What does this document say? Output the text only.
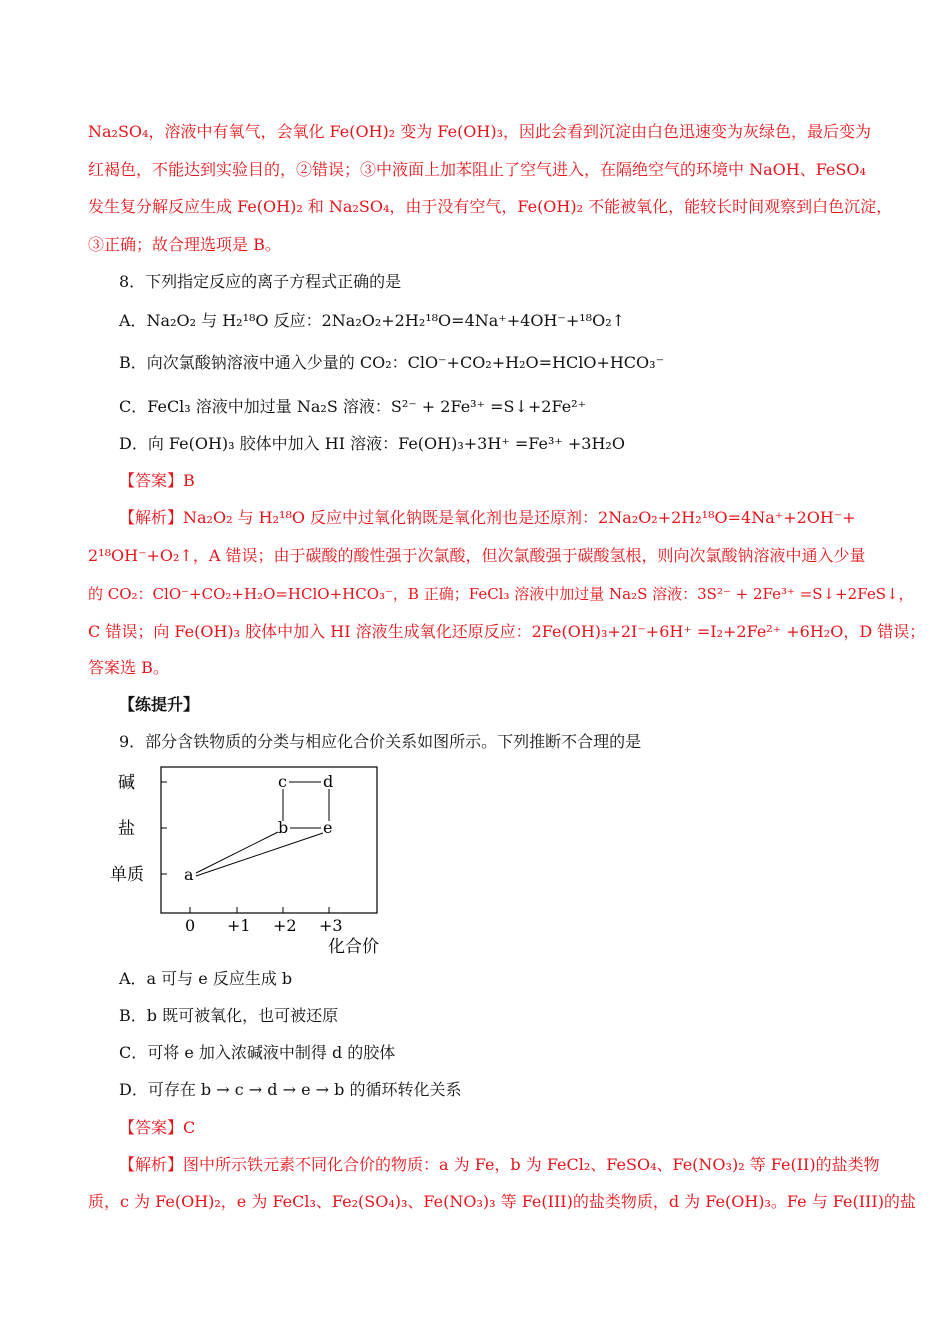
Na₂SO₄，溶液中有氧气，会氧化 Fe(OH)₂ 变为 Fe(OH)₃，因此会看到沉淀由白色迅速变为灰绿色，最后变为
红褐色，不能达到实验目的，②错误；③中液面上加苯阻止了空气进入，在隔绝空气的环境中 NaOH、FeSO₄
发生复分解反应生成 Fe(OH)₂ 和 Na₂SO₄，由于没有空气，Fe(OH)₂ 不能被氧化，能较长时间观察到白色沉淀，
③正确；故合理选项是 B。
8．下列指定反应的离子方程式正确的是
A．Na₂O₂ 与 H₂¹⁸O 反应：2Na₂O₂+2H₂¹⁸O=4Na⁺+4OH⁻+¹⁸O₂↑
B．向次氯酸钠溶液中通入少量的 CO₂：ClO⁻+CO₂+H₂O=HClO+HCO₃⁻
C．FeCl₃ 溶液中加过量 Na₂S 溶液：S²⁻ + 2Fe³⁺ =S↓+2Fe²⁺
D．向 Fe(OH)₃ 胶体中加入 HI 溶液：Fe(OH)₃+3H⁺ =Fe³⁺ +3H₂O
【答案】B
【解析】Na₂O₂ 与 H₂¹⁸O 反应中过氧化钠既是氧化剂也是还原剂：2Na₂O₂+2H₂¹⁸O=4Na⁺+2OH⁻+
2¹⁸OH⁻+O₂↑，A 错误；由于碳酸的酸性强于次氯酸，但次氯酸强于碳酸氢根，则向次氯酸钠溶液中通入少量
的 CO₂：ClO⁻+CO₂+H₂O=HClO+HCO₃⁻，B 正确；FeCl₃ 溶液中加过量 Na₂S 溶液：3S²⁻ + 2Fe³⁺ =S↓+2FeS↓，
C 错误；向 Fe(OH)₃ 胶体中加入 HI 溶液生成氧化还原反应：2Fe(OH)₃+2I⁻+6H⁺ =I₂+2Fe²⁺ +6H₂O，D 错误；
答案选 B。
【练提升】
9．部分含铁物质的分类与相应化合价关系如图所示。下列推断不合理的是
碱
盐
单质
0 +1 +2 +3
化合价
a
b
c d
e
A．a 可与 e 反应生成 b
B．b 既可被氧化，也可被还原
C．可将 e 加入浓碱液中制得 d 的胶体
D．可存在 b → c → d → e → b 的循环转化关系
【答案】C
【解析】图中所示铁元素不同化合价的物质：a 为 Fe，b 为 FeCl₂、FeSO₄、Fe(NO₃)₂ 等 Fe(II)的盐类物
质，c 为 Fe(OH)₂，e 为 FeCl₃、Fe₂(SO₄)₃、Fe(NO₃)₃ 等 Fe(III)的盐类物质，d 为 Fe(OH)₃。Fe 与 Fe(III)的盐
